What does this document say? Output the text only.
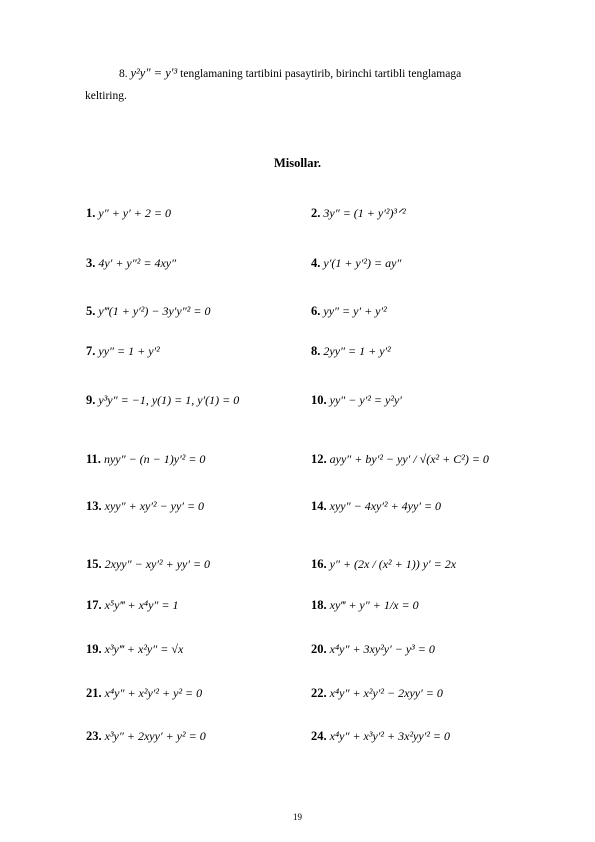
8. y²y″ = y′³ tenglamaning tartibini pasaytirib, birinchi tartibli tenglamaga
keltiring.
Misollar.
1. y″ + y′ + 2 = 0	2. 3y″ = (1 + y′²)³ᐟ²
3. 4y′ + y″² = 4xy″	4. y′(1 + y′²) = ay″
5. y‴(1 + y′²) − 3y′y″² = 0	6. yy″ = y′ + y′²
7. yy″ = 1 + y′²	8. 2yy″ = 1 + y′²
9. y³y″ = −1, y(1) = 1, y′(1) = 0	10. yy″ − y′² = y²y′
11. nyy″ − (n − 1)y′² = 0	12. ayy″ + by′² − yy′ / √(x² + C²) = 0
13. xyy″ + xy′² − yy′ = 0	14. xyy″ − 4xy′² + 4yy′ = 0
15. 2xyy″ − xy′² + yy′ = 0	16. y″ + (2x / (x² + 1)) y′ = 2x
17. x⁵y‴ + x⁴y″ = 1	18. xy‴ + y″ + 1/x = 0
19. x³y‴ + x²y″ = √x	20. x⁴y″ + 3xy²y′ − y³ = 0
21. x⁴y″ + x²y′² + y² = 0	22. x⁴y″ + x²y′² − 2xyy′ = 0
23. x³y″ + 2xyy′ + y² = 0	24. x⁴y″ + x³y′² + 3x²yy′² = 0
19
